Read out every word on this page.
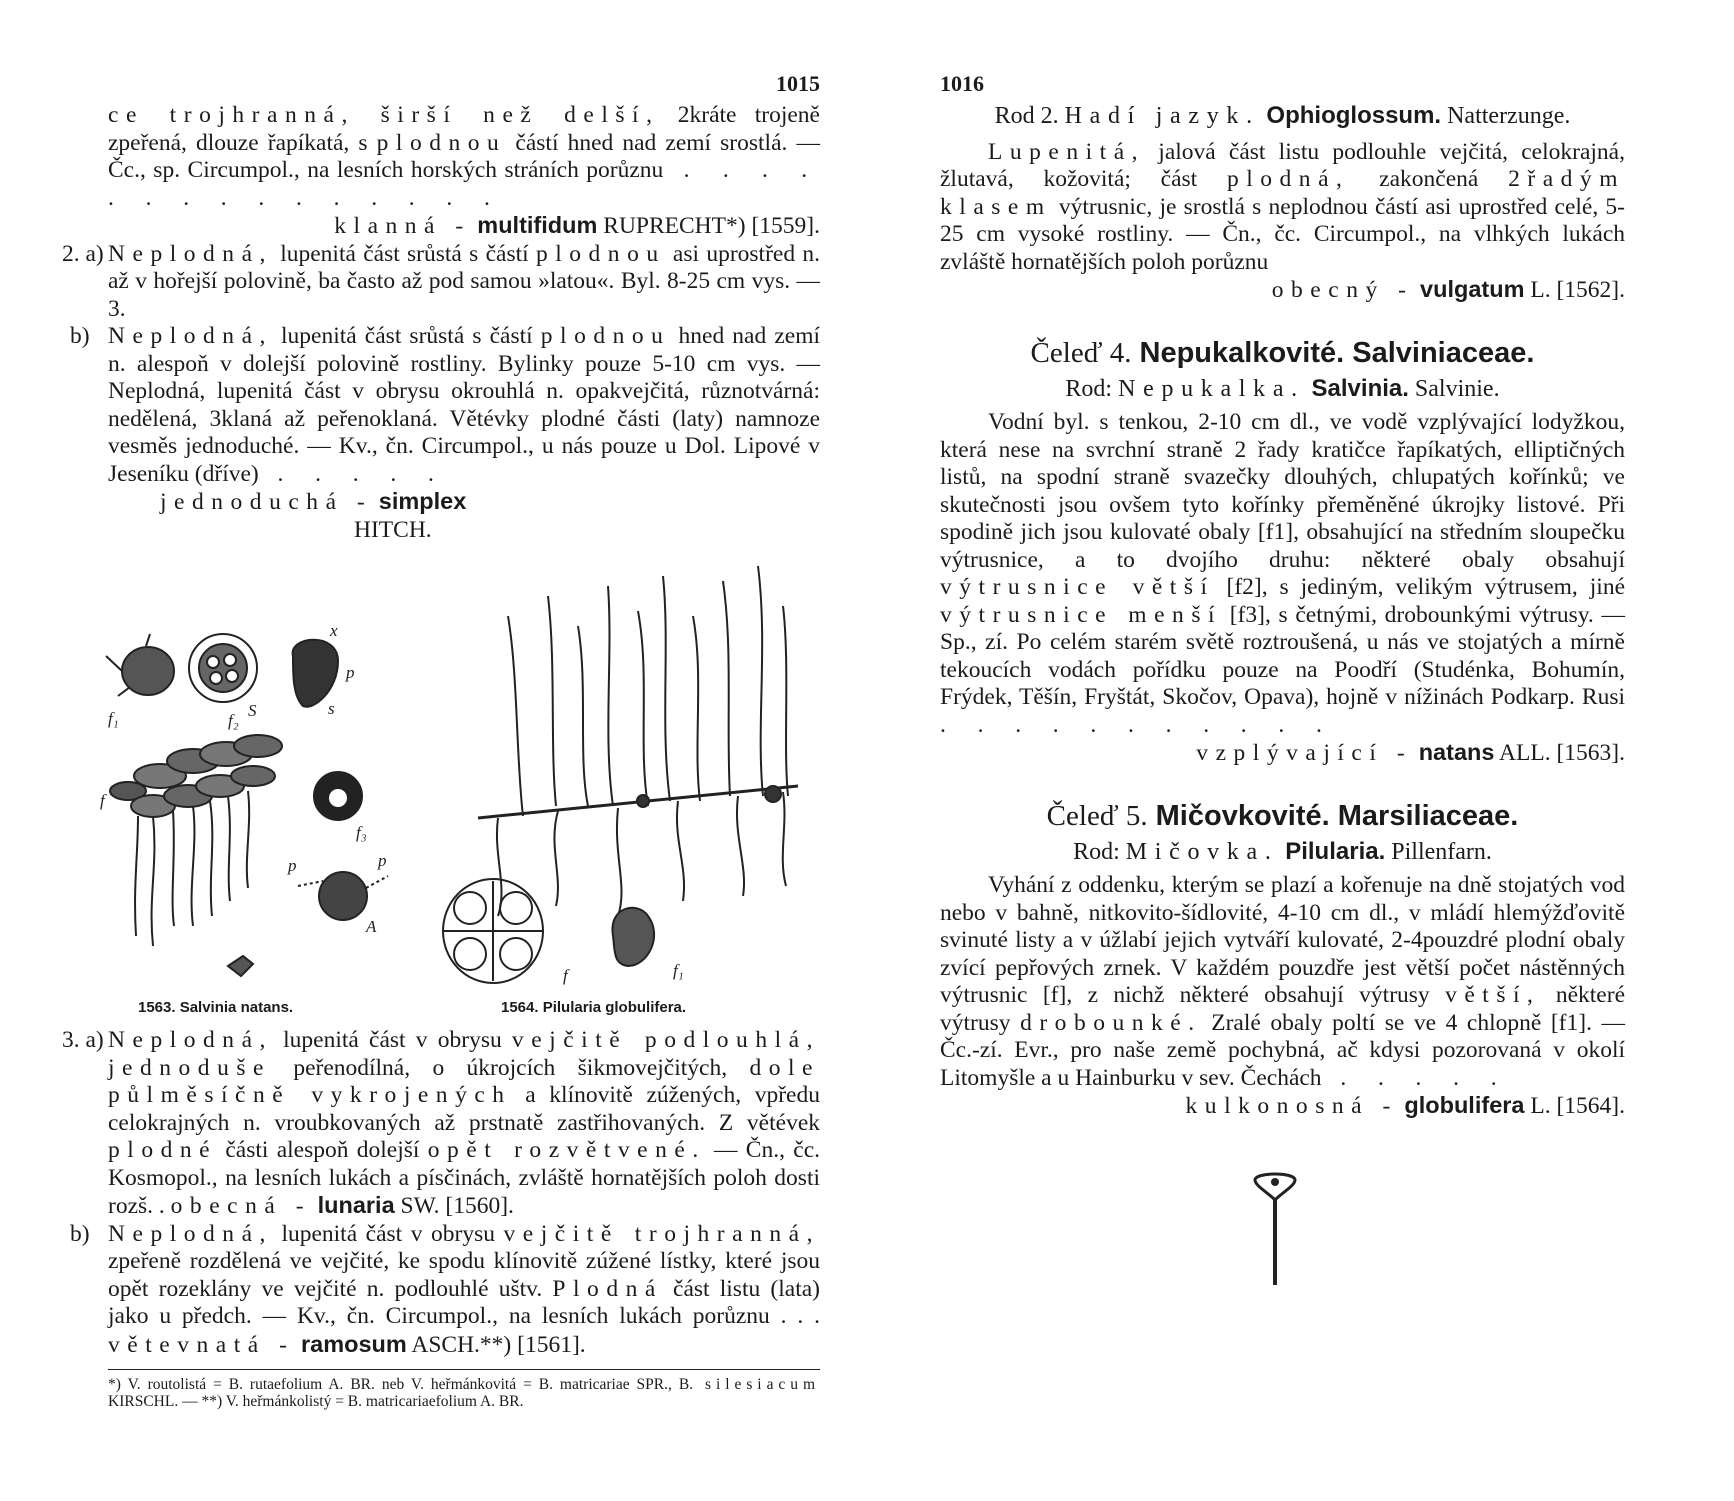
1015

ce trojhranná, širší než delší, 2kráte trojeně zpeřená, dlouze řapíkatá, s plodnou částí hned nad zemí srostlá. — Čc., sp. Circumpol., na lesních horských stráních porůznu . . . . . . . . . . . . . . .

klanná - multifidum RUPRECHT*) [1559].

2. a) Neplodná, lupenitá část srůstá s částí plodnou asi uprostřed n. až v hořejší polovině, ba často až pod samou »latou«. Byl. 8-25 cm vys. — 3.

b) Neplodná, lupenitá část srůstá s částí plodnou hned nad zemí n. alespoň v dolejší polovině rostliny. Bylinky pouze 5-10 cm vys. — Neplodná, lupenitá část v obrysu okrouhlá n. opakvejčitá, různotvárná: nedělená, 3klaná až peřenoklaná. Větévky plodné části (laty) namnoze vesměs jednoduché. — Kv., čn. Circumpol., u nás pouze u Dol. Lipové v Jeseníku (dříve) . . . . .

jednoduchá - simplex

HITCH.

f₁	S
f₂
x
p
s
f
f₃
p	p
A
f	f₁
1563. Salvinia natans.	1564. Pilularia globulifera.
3. a) Neplodná, lupenitá část v obrysu vejčitě podlouhlá, jednoduše peřenodílná, o úkrojcích šikmovejčitých, dole půlměsíčně vykrojených a klínovitě zúžených, vpředu celokrajných n. vroubkovaných až prstnatě zastřihovaných. Z větévek plodné části alespoň dolejší opět rozvětvené. — Čn., čc. Kosmopol., na lesních lukách a písčinách, zvláště hornatějších poloh dosti rozš. . obecná - lunaria SW. [1560].

b) Neplodná, lupenitá část v obrysu vejčitě trojhranná, zpeřeně rozdělená ve vejčité, ke spodu klínovitě zúžené lístky, které jsou opět rozeklány ve vejčité n. podlouhlé uštv. Plodná část listu (lata) jako u předch. — Kv., čn. Circumpol., na lesních lukách porůznu . . . větevnatá - ramosum ASCH.**) [1561].

*) V. routolistá = B. rutaefolium A. BR. neb V. heřmánkovitá = B. matricariae SPR., B. silesiacum KIRSCHL. — **) V. heřmánkolistý = B. matricariaefolium A. BR.

1016

Rod 2. Hadí jazyk. Ophioglossum. Natterzunge.

Lupenitá, jalová část listu podlouhle vejčitá, celokrajná, žlutavá, kožovitá; část plodná, zakončená 2řadým klasem výtrusnic, je srostlá s neplodnou částí asi uprostřed celé, 5-25 cm vysoké rostliny. — Čn., čc. Circumpol., na vlhkých lukách zvláště hornatějších poloh porůznu

obecný - vulgatum L. [1562].

Čeleď 4. Nepukalkovité. Salviniaceae.

Rod: Nepukalka. Salvinia. Salvinie.

Vodní byl. s tenkou, 2-10 cm dl., ve vodě vzplývající lodyžkou, která nese na svrchní straně 2 řady kratičce řapíkatých, elliptičných listů, na spodní straně svazečky dlouhých, chlupatých kořínků; ve skutečnosti jsou ovšem tyto kořínky přeměněné úkrojky listové. Při spodině jich jsou kulovaté obaly [f1], obsahující na středním sloupečku výtrusnice, a to dvojího druhu: některé obaly obsahují výtrusnice větší [f2], s jediným, velikým výtrusem, jiné výtrusnice menší [f3], s četnými, drobounkými výtrusy. — Sp., zí. Po celém starém světě roztroušená, u nás ve stojatých a mírně tekoucích vodách pořídku pouze na Poodří (Studénka, Bohumín, Frýdek, Těšín, Fryštát, Skočov, Opava), hojně v nížinách Podkarp. Rusi . . . . . . . . . . .

vzplývající - natans ALL. [1563].

Čeleď 5. Mičovkovité. Marsiliaceae.

Rod: Mičovka. Pilularia. Pillenfarn.

Vyhání z oddenku, kterým se plazí a kořenuje na dně stojatých vod nebo v bahně, nitkovito-šídlovité, 4-10 cm dl., v mládí hlemýžďovitě svinuté listy a v úžlabí jejich vytváří kulovaté, 2-4pouzdré plodní obaly zvící pepřových zrnek. V každém pouzdře jest větší počet nástěnných výtrusnic [f], z nichž některé obsahují výtrusy větší, některé výtrusy drobounké. Zralé obaly poltí se ve 4 chlopně [f1]. — Čc.-zí. Evr., pro naše země pochybná, ač kdysi pozorovaná v okolí Litomyšle a u Hainburku v sev. Čechách . . . . .

kulkonosná - globulifera L. [1564].
